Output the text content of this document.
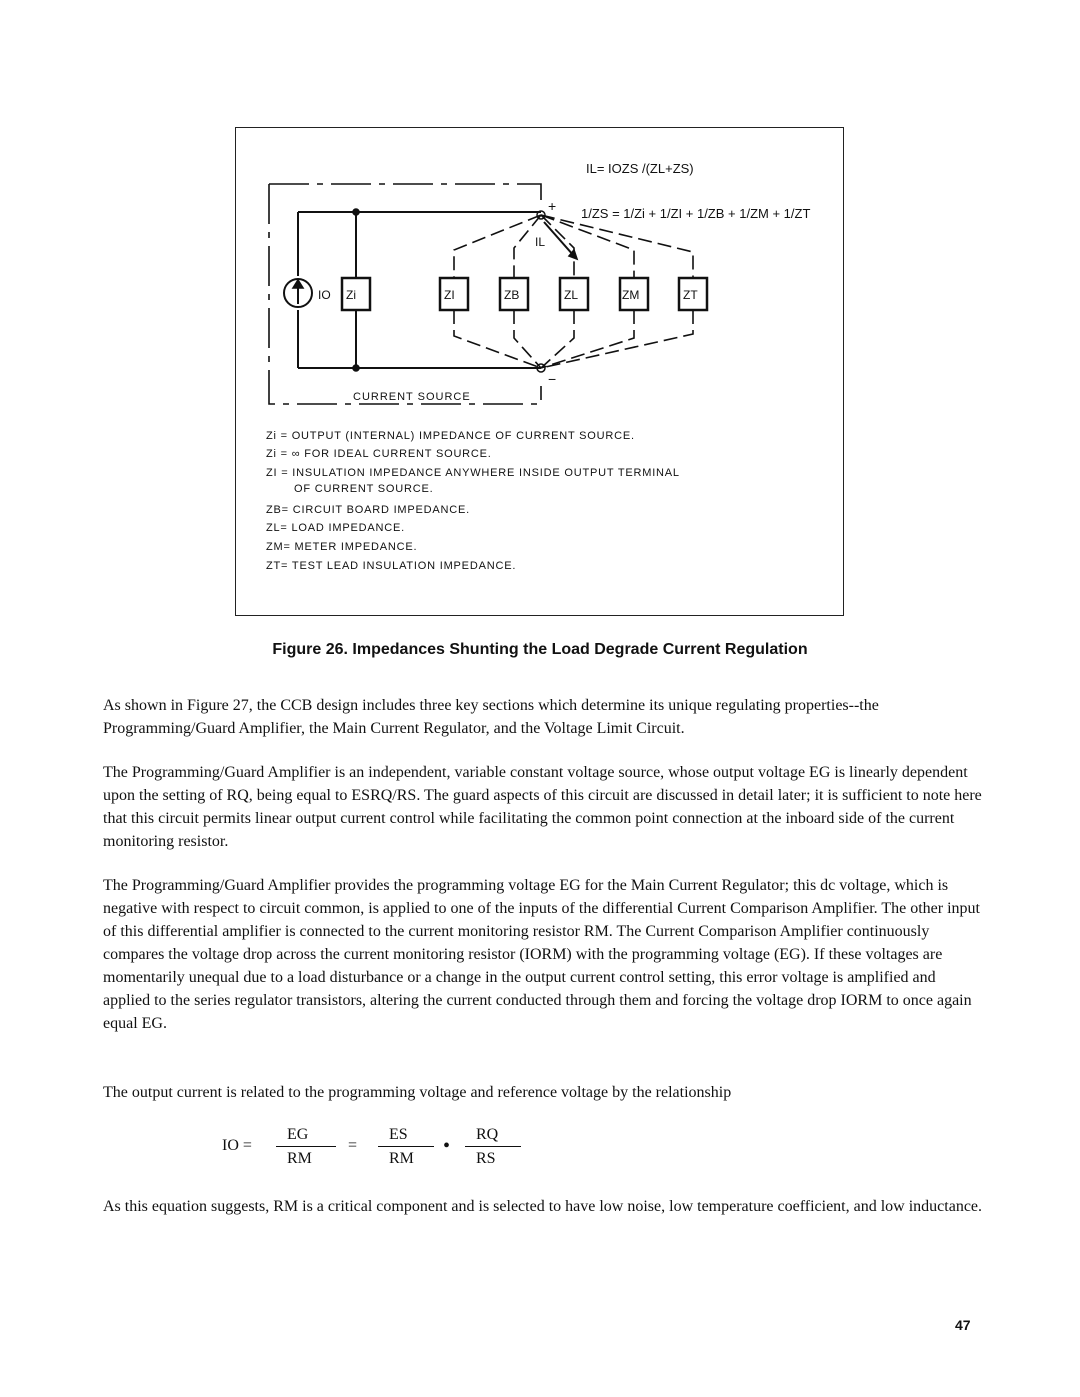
IL= IOZS /(ZL+ZS)
1/ZS = 1/Zi + 1/ZI + 1/ZB + 1/ZM + 1/ZT
+
−
IO
IL
Zi	ZI	ZB	ZL	ZM	ZT
CURRENT SOURCE
Zi = OUTPUT (INTERNAL) IMPEDANCE OF CURRENT SOURCE.
Zi = ∞ FOR IDEAL CURRENT SOURCE.
ZI = INSULATION IMPEDANCE ANYWHERE INSIDE OUTPUT TERMINAL
OF CURRENT SOURCE.
ZB= CIRCUIT BOARD IMPEDANCE.
ZL= LOAD IMPEDANCE.
ZM= METER IMPEDANCE.
ZT= TEST LEAD INSULATION IMPEDANCE.
Figure 26. Impedances Shunting the Load Degrade Current Regulation

As shown in Figure 27, the CCB design includes three key sections which determine its unique regulating properties--the Programming/Guard Amplifier, the Main Current Regulator, and the Voltage Limit Circuit.

The Programming/Guard Amplifier is an independent, variable constant voltage source, whose output voltage EG is linearly dependent upon the setting of RQ, being equal to ESRQ/RS. The guard aspects of this circuit are discussed in detail later; it is sufficient to note here that this circuit permits linear output current control while facilitating the common point connection at the inboard side of the current monitoring resistor.

The Programming/Guard Amplifier provides the programming voltage EG for the Main Current Regulator; this dc voltage, which is negative with respect to circuit common, is applied to one of the inputs of the differential Current Comparison Amplifier. The other input of this differential amplifier is connected to the current monitoring resistor RM. The Current Comparison Amplifier continuously compares the voltage drop across the current monitoring resistor (IORM) with the programming voltage (EG). If these voltages are momentarily unequal due to a load disturbance or a change in the output current control setting, this error voltage is amplified and applied to the series regulator transistors, altering the current conducted through them and forcing the voltage drop IORM to once again equal EG.

The output current is related to the programming voltage and reference voltage by the relationship

IO =
EG
RM
=
ES
RM
•
RQ
RS

As this equation suggests, RM is a critical component and is selected to have low noise, low temperature coefficient, and low inductance.

47
